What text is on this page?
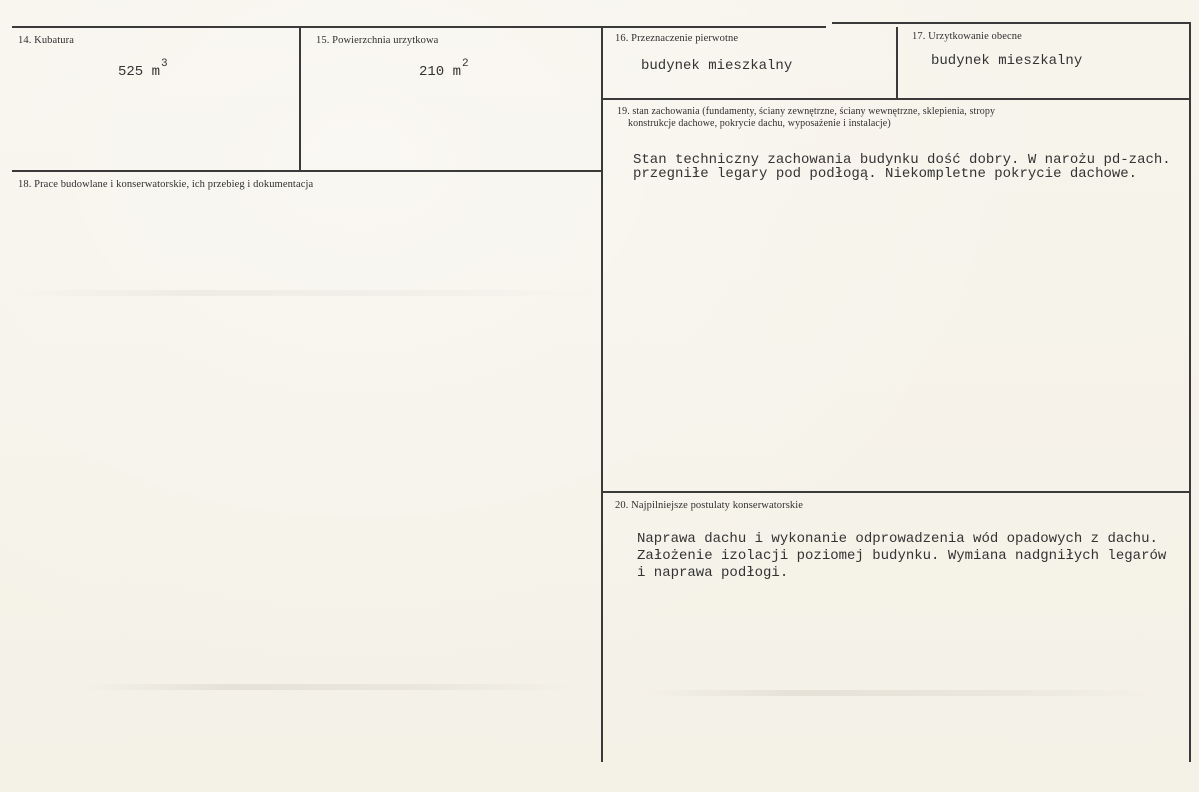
14. Kubatura
525 $m^3$
15. Powierzchnia urzytkowa
210 $m^2$
16. Przeznaczenie pierwotne
budynek mieszkalny
17. Urzytkowanie obecne
budynek mieszkalny
18. Prace budowlane i konserwatorskie, ich przebieg i dokumentacja
19. stan zachowania (fundamenty, ściany zewnętrzne, ściany wewnętrzne, sklepienia, stropy
konstrukcje dachowe, pokrycie dachu, wyposażenie i instalacje)
Stan techniczny zachowania budynku dość dobry. W narożu pd-zach.
przegniłe legary pod podłogą. Niekompletne pokrycie dachowe.
20. Najpilniejsze postulaty konserwatorskie
Naprawa dachu i wykonanie odprowadzenia wód opadowych z dachu.
Założenie izolacji poziomej budynku. Wymiana nadgniłych legarów
i naprawa podłogi.
